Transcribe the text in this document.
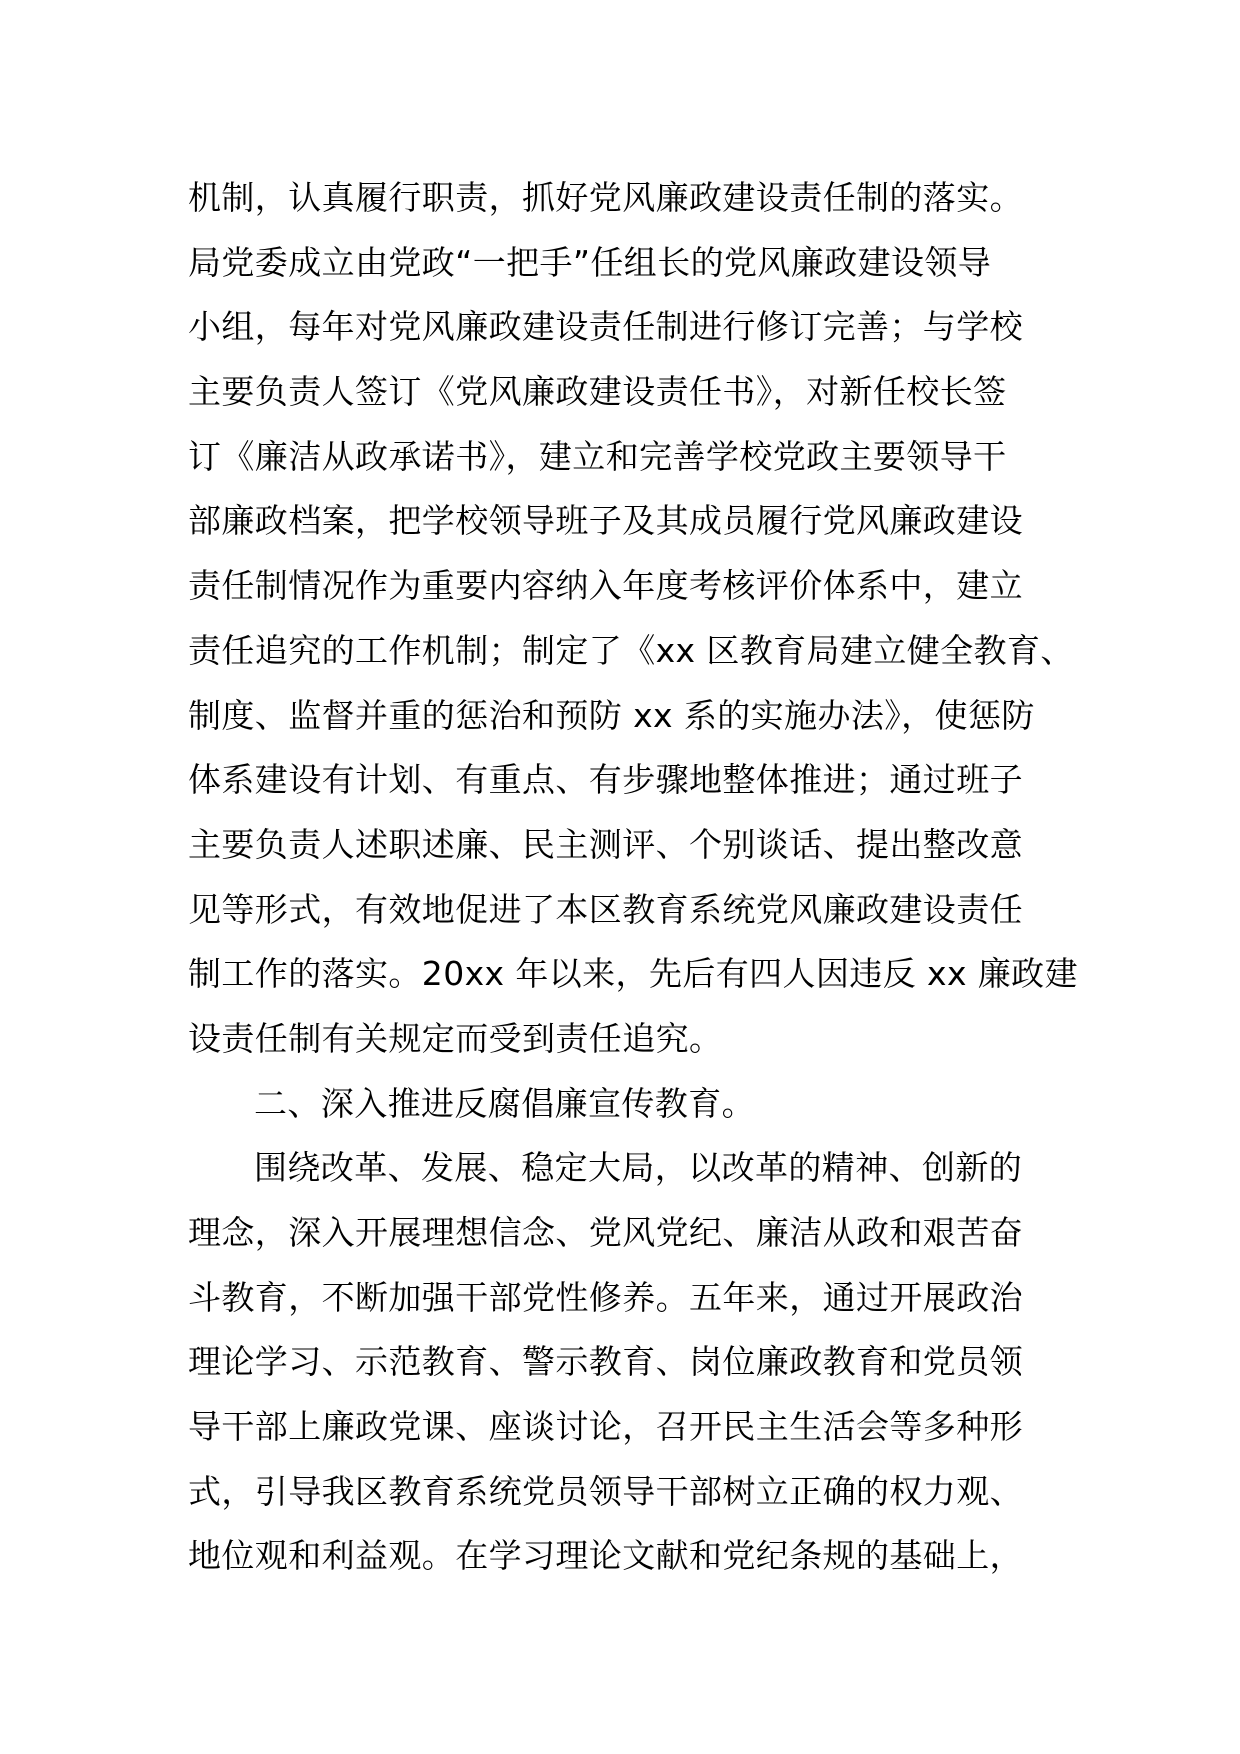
机制，认真履行职责，抓好党风廉政建设责任制的落实。
局党委成立由党政“一把手”任组长的党风廉政建设领导
小组，每年对党风廉政建设责任制进行修订完善；与学校
主要负责人签订《党风廉政建设责任书》，对新任校长签
订《廉洁从政承诺书》，建立和完善学校党政主要领导干
部廉政档案，把学校领导班子及其成员履行党风廉政建设
责任制情况作为重要内容纳入年度考核评价体系中，建立
责任追究的工作机制；制定了《xx 区教育局建立健全教育、
制度、监督并重的惩治和预防 xx 系的实施办法》，使惩防
体系建设有计划、有重点、有步骤地整体推进；通过班子
主要负责人述职述廉、民主测评、个别谈话、提出整改意
见等形式，有效地促进了本区教育系统党风廉政建设责任
制工作的落实。20xx 年以来，先后有四人因违反 xx 廉政建
设责任制有关规定而受到责任追究。
二、深入推进反腐倡廉宣传教育。
围绕改革、发展、稳定大局，以改革的精神、创新的
理念，深入开展理想信念、党风党纪、廉洁从政和艰苦奋
斗教育，不断加强干部党性修养。五年来，通过开展政治
理论学习、示范教育、警示教育、岗位廉政教育和党员领
导干部上廉政党课、座谈讨论，召开民主生活会等多种形
式，引导我区教育系统党员领导干部树立正确的权力观、
地位观和利益观。在学习理论文献和党纪条规的基础上，
